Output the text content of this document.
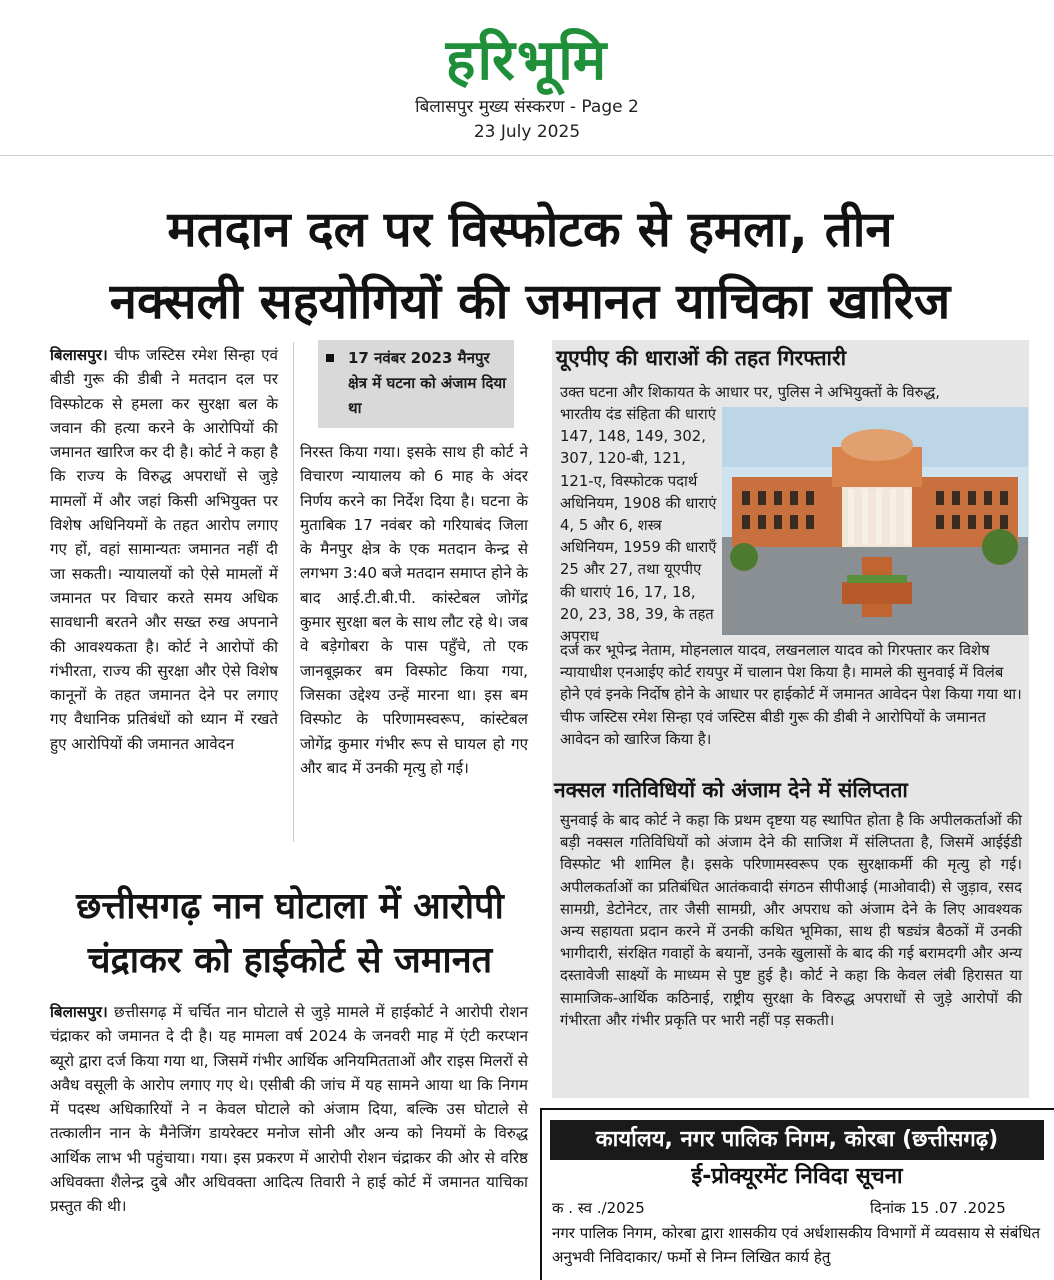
हरिभूमि
बिलासपुर मुख्य संस्करण - Page 2
23 July 2025
मतदान दल पर विस्फोटक से हमला, तीन
नक्सली सहयोगियों की जमानत याचिका खारिज
बिलासपुर। चीफ जस्टिस रमेश सिन्हा एवं बीडी गुरू की डीबी ने मतदान दल पर विस्फोटक से हमला कर सुरक्षा बल के जवान की हत्या करने के आरोपियों की जमानत खारिज कर दी है। कोर्ट ने कहा है कि राज्य के विरुद्ध अपराधों से जुड़े मामलों में और जहां किसी अभियुक्त पर विशेष अधिनियमों के तहत आरोप लगाए गए हों, वहां सामान्यतः जमानत नहीं दी जा सकती। न्यायालयों को ऐसे मामलों में जमानत पर विचार करते समय अधिक सावधानी बरतने और सख्त रुख अपनाने की आवश्यकता है। कोर्ट ने आरोपों की गंभीरता, राज्य की सुरक्षा और ऐसे विशेष कानूनों के तहत जमानत देने पर लगाए गए वैधानिक प्रतिबंधों को ध्यान में रखते हुए आरोपियों की जमानत आवेदन
17 नवंबर 2023 मैनपुर क्षेत्र में घटना को अंजाम दिया था
निरस्त किया गया। इसके साथ ही कोर्ट ने विचारण न्यायालय को 6 माह के अंदर निर्णय करने का निर्देश दिया है। घटना के मुताबिक 17 नवंबर को गरियाबंद जिला के मैनपुर क्षेत्र के एक मतदान केन्द्र से लगभग 3:40 बजे मतदान समाप्त होने के बाद आई.टी.बी.पी. कांस्टेबल जोगेंद्र कुमार सुरक्षा बल के साथ लौट रहे थे। जब वे बड़ेगोबरा के पास पहुँचे, तो एक जानबूझकर बम विस्फोट किया गया, जिसका उद्देश्य उन्हें मारना था। इस बम विस्फोट के परिणामस्वरूप, कांस्टेबल जोगेंद्र कुमार गंभीर रूप से घायल हो गए और बाद में उनकी मृत्यु हो गई।
यूएपीए की धाराओं की तहत गिरफ्तारी
उक्त घटना और शिकायत के आधार पर, पुलिस ने अभियुक्तों के विरुद्ध,
भारतीय दंड संहिता की धाराएं 147, 148, 149, 302, 307, 120-बी, 121, 121-ए, विस्फोटक पदार्थ अधिनियम, 1908 की धाराएं 4, 5 और 6, शस्त्र अधिनियम, 1959 की धाराएँ 25 और 27, तथा यूएपीए की धाराएं 16, 17, 18, 20, 23, 38, 39, के तहत अपराध
दर्ज कर भूपेन्द्र नेताम, मोहनलाल यादव, लखनलाल यादव को गिरफ्तार कर विशेष न्यायाधीश एनआईए कोर्ट रायपुर में चालान पेश किया है। मामले की सुनवाई में विलंब होने एवं इनके निर्दोष होने के आधार पर हाईकोर्ट में जमानत आवेदन पेश किया गया था। चीफ जस्टिस रमेश सिन्हा एवं जस्टिस बीडी गुरू की डीबी ने आरोपियों के जमानत आवेदन को खारिज किया है।
नक्सल गतिविधियों को अंजाम देने में संलिप्तता
सुनवाई के बाद कोर्ट ने कहा कि प्रथम दृष्टया यह स्थापित होता है कि अपीलकर्ताओं की बड़ी नक्सल गतिविधियों को अंजाम देने की साजिश में संलिप्तता है, जिसमें आईईडी विस्फोट भी शामिल है। इसके परिणामस्वरूप एक सुरक्षाकर्मी की मृत्यु हो गई। अपीलकर्ताओं का प्रतिबंधित आतंकवादी संगठन सीपीआई (माओवादी) से जुड़ाव, रसद सामग्री, डेटोनेटर, तार जैसी सामग्री, और अपराध को अंजाम देने के लिए आवश्यक अन्य सहायता प्रदान करने में उनकी कथित भूमिका, साथ ही षड्यंत्र बैठकों में उनकी भागीदारी, संरक्षित गवाहों के बयानों, उनके खुलासों के बाद की गई बरामदगी और अन्य दस्तावेजी साक्ष्यों के माध्यम से पुष्ट हुई है। कोर्ट ने कहा कि केवल लंबी हिरासत या सामाजिक-आर्थिक कठिनाई, राष्ट्रीय सुरक्षा के विरुद्ध अपराधों से जुड़े आरोपों की गंभीरता और गंभीर प्रकृति पर भारी नहीं पड़ सकती।
छत्तीसगढ़ नान घोटाला में आरोपी
चंद्राकर को हाईकोर्ट से जमानत
बिलासपुर। छत्तीसगढ़ में चर्चित नान घोटाले से जुड़े मामले में हाईकोर्ट ने आरोपी रोशन चंद्राकर को जमानत दे दी है। यह मामला वर्ष 2024 के जनवरी माह में एंटी करप्शन ब्यूरो द्वारा दर्ज किया गया था, जिसमें गंभीर आर्थिक अनियमितताओं और राइस मिलरों से अवैध वसूली के आरोप लगाए गए थे। एसीबी की जांच में यह सामने आया था कि निगम में पदस्थ अधिकारियों ने न केवल घोटाले को अंजाम दिया, बल्कि उस घोटाले से तत्कालीन नान के मैनेजिंग डायरेक्टर मनोज सोनी और अन्य को नियमों के विरुद्ध आर्थिक लाभ भी पहुंचाया। गया। इस प्रकरण में आरोपी रोशन चंद्राकर की ओर से वरिष्ठ अधिवक्ता शैलेन्द्र दुबे और अधिवक्ता आदित्य तिवारी ने हाई कोर्ट में जमानत याचिका प्रस्तुत की थी।
कार्यालय, नगर पालिक निगम, कोरबा (छत्तीसगढ़)
ई-प्रोक्यूरमेंट निविदा सूचना
क . स्व ./2025	दिनांक 15 .07 .2025
नगर पालिक निगम, कोरबा द्वारा शासकीय एवं अर्धशासकीय विभागों में व्यवसाय से संबंधित अनुभवी निविदाकार/ फर्मो से निम्न लिखित कार्य हेतु
